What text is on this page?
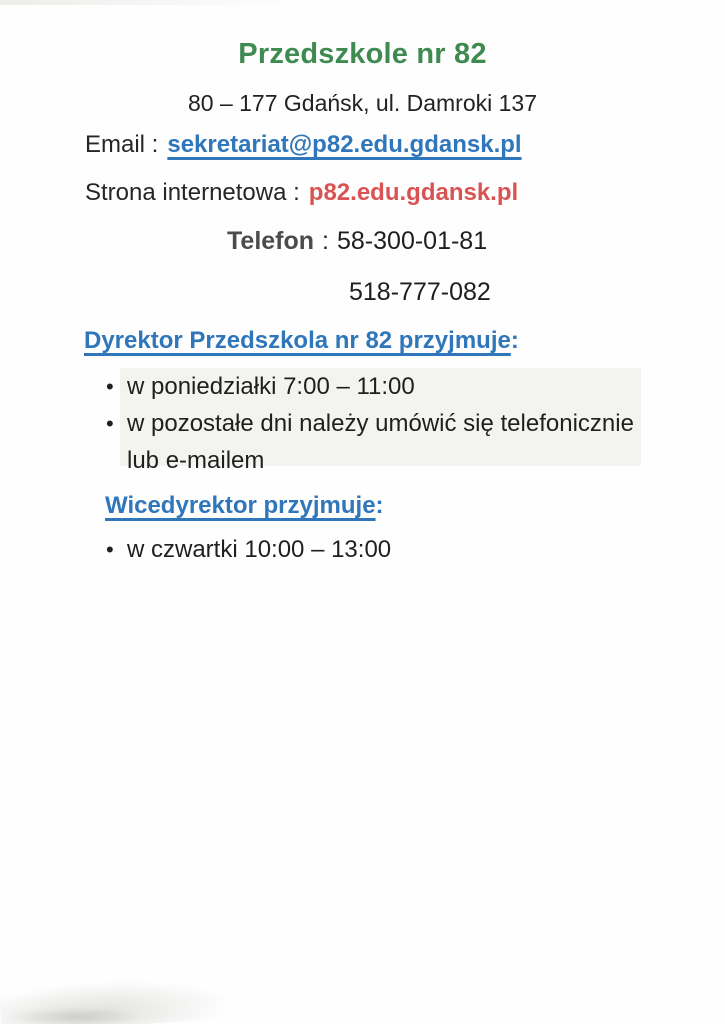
Przedszkole nr 82
80 – 177 Gdańsk, ul. Damroki 137
Email : sekretariat@p82.edu.gdansk.pl
Strona internetowa : p82.edu.gdansk.pl
Telefon : 58-300-01-81
518-777-082
Dyrektor Przedszkola nr 82 przyjmuje:
• w poniedziałki 7:00 – 11:00
• w pozostałe dni należy umówić się telefonicznie
lub e-mailem
Wicedyrektor przyjmuje:
• w czwartki 10:00 – 13:00
